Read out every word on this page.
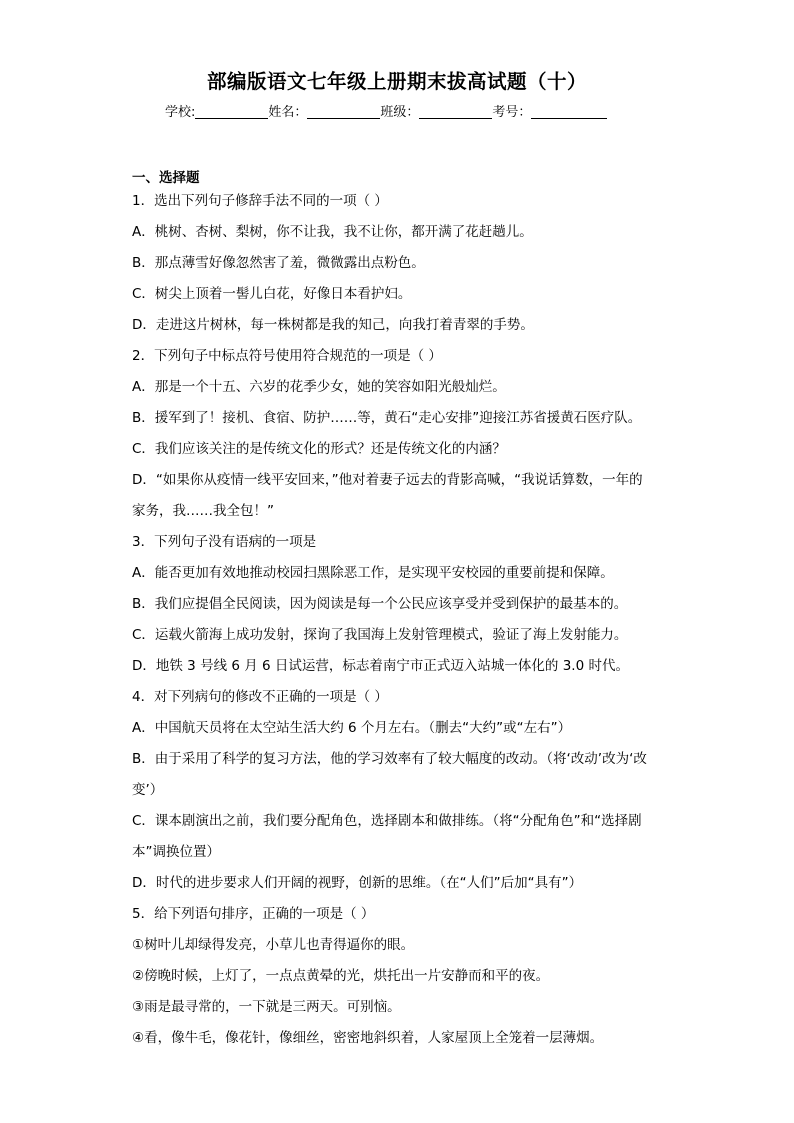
部编版语文七年级上册期末拔高试题（十）
学校:	姓名：	班级：	考号：
一、选择题
1．选出下列句子修辞手法不同的一项（ ）
A．桃树、杏树、梨树，你不让我，我不让你，都开满了花赶趟儿。
B．那点薄雪好像忽然害了羞，微微露出点粉色。
C．树尖上顶着一髻儿白花，好像日本看护妇。
D．走进这片树林，每一株树都是我的知己，向我打着青翠的手势。
2．下列句子中标点符号使用符合规范的一项是（ ）
A．那是一个十五、六岁的花季少女，她的笑容如阳光般灿烂。
B．援军到了！接机、食宿、防护……等，黄石“走心安排”迎接江苏省援黄石医疗队。
C．我们应该关注的是传统文化的形式？还是传统文化的内涵？
D．“如果你从疫情一线平安回来，”他对着妻子远去的背影高喊，“我说话算数，一年的
家务，我……我全包！”
3．下列句子没有语病的一项是
A．能否更加有效地推动校园扫黑除恶工作，是实现平安校园的重要前提和保障。
B．我们应提倡全民阅读，因为阅读是每一个公民应该享受并受到保护的最基本的。
C．运载火箭海上成功发射，探询了我国海上发射管理模式，验证了海上发射能力。
D．地铁 3 号线 6 月 6 日试运营，标志着南宁市正式迈入站城一体化的 3.0 时代。
4．对下列病句的修改不正确的一项是（ ）
A．中国航天员将在太空站生活大约 6 个月左右。（删去“大约”或“左右”）
B．由于采用了科学的复习方法，他的学习效率有了较大幅度的改动。（将‘改动’改为‘改
变’）
C．课本剧演出之前，我们要分配角色，选择剧本和做排练。（将“分配角色”和“选择剧
本”调换位置）
D．时代的进步要求人们开阔的视野，创新的思维。（在“人们”后加“具有”）
5．给下列语句排序，正确的一项是（ ）
①树叶儿却绿得发亮，小草儿也青得逼你的眼。
②傍晚时候，上灯了，一点点黄晕的光，烘托出一片安静而和平的夜。
③雨是最寻常的，一下就是三两天。可别恼。
④看，像牛毛，像花针，像细丝，密密地斜织着，人家屋顶上全笼着一层薄烟。
